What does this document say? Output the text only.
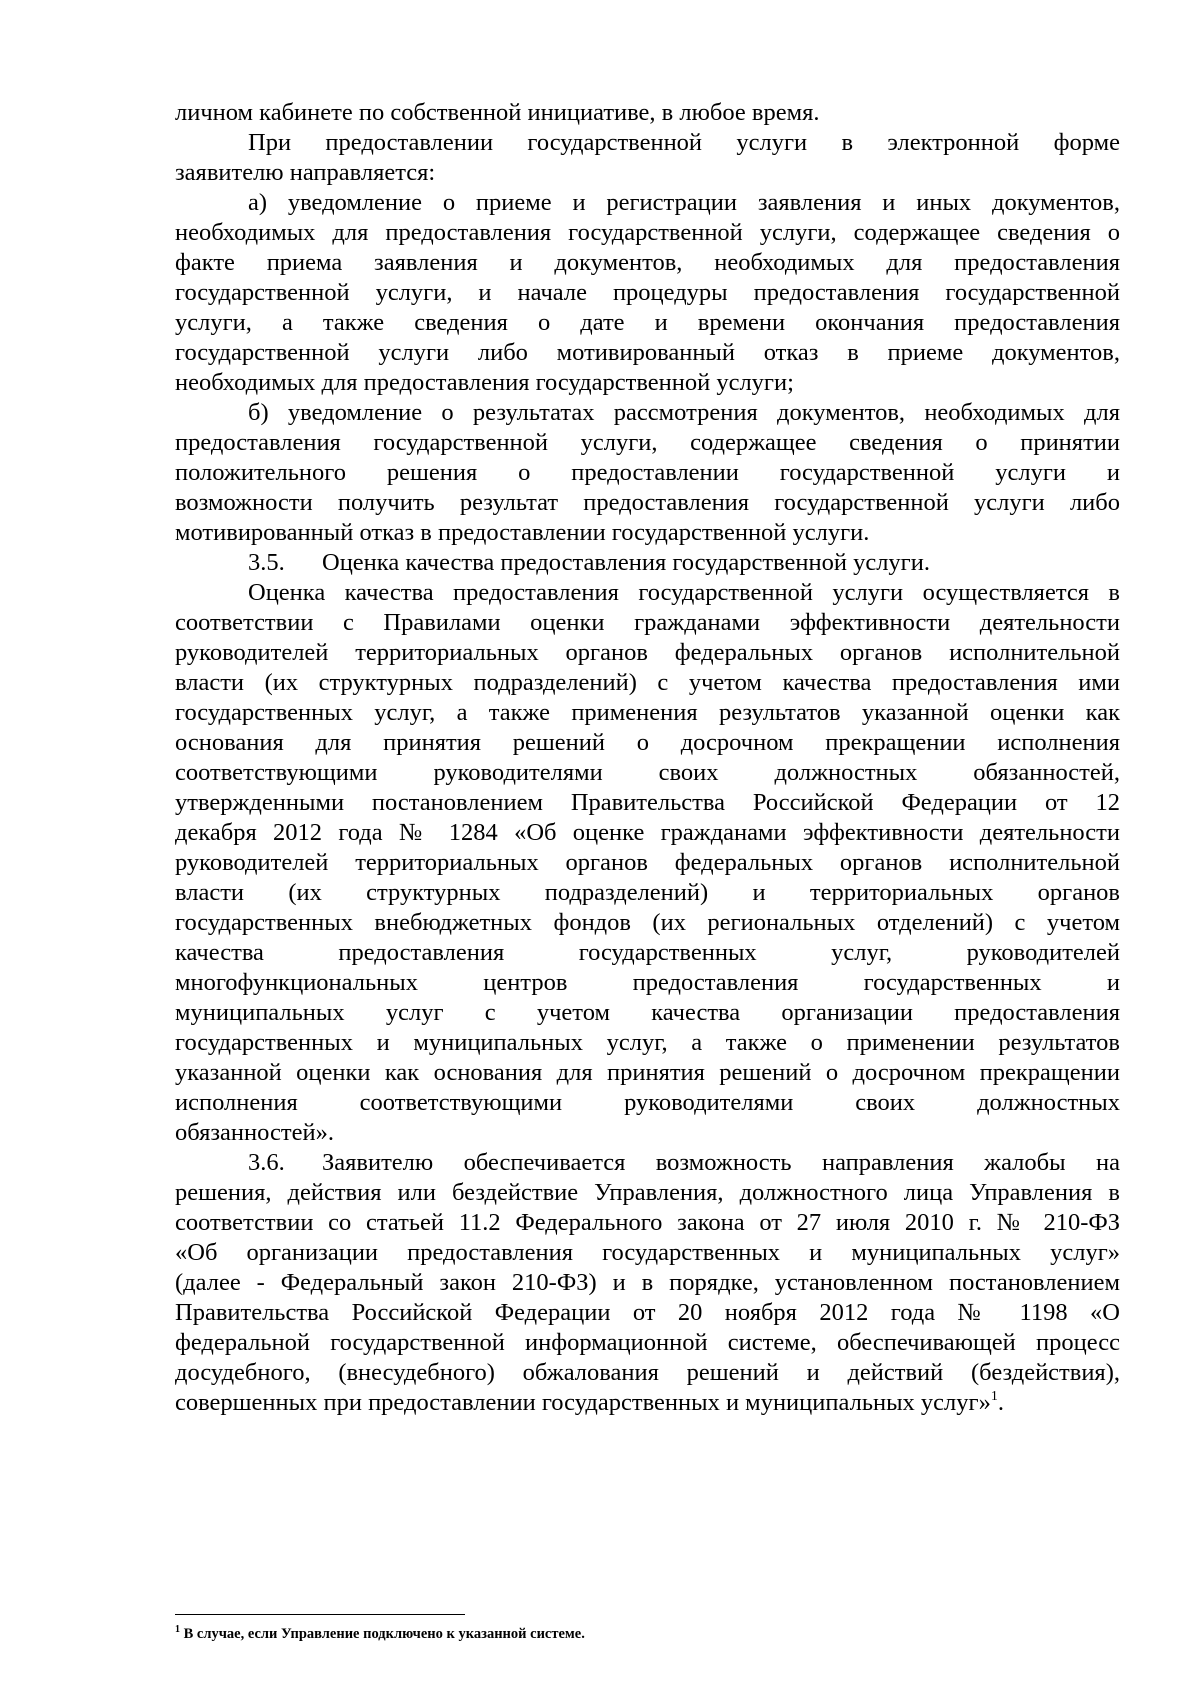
личном кабинете по собственной инициативе, в любое время.
При предоставлении государственной услуги в электронной форме
заявителю направляется:
а) уведомление о приеме и регистрации заявления и иных документов,
необходимых для предоставления государственной услуги, содержащее сведения о
факте приема заявления и документов, необходимых для предоставления
государственной услуги, и начале процедуры предоставления государственной
услуги, а также сведения о дате и времени окончания предоставления
государственной услуги либо мотивированный отказ в приеме документов,
необходимых для предоставления государственной услуги;
б) уведомление о результатах рассмотрения документов, необходимых для
предоставления государственной услуги, содержащее сведения о принятии
положительного решения о предоставлении государственной услуги и
возможности получить результат предоставления государственной услуги либо
мотивированный отказ в предоставлении государственной услуги.
3.5. Оценка качества предоставления государственной услуги.
Оценка качества предоставления государственной услуги осуществляется в
соответствии с Правилами оценки гражданами эффективности деятельности
руководителей территориальных органов федеральных органов исполнительной
власти (их структурных подразделений) с учетом качества предоставления ими
государственных услуг, а также применения результатов указанной оценки как
основания для принятия решений о досрочном прекращении исполнения
соответствующими руководителями своих должностных обязанностей,
утвержденными постановлением Правительства Российской Федерации от 12
декабря 2012 года № 1284 «Об оценке гражданами эффективности деятельности
руководителей территориальных органов федеральных органов исполнительной
власти (их структурных подразделений) и территориальных органов
государственных внебюджетных фондов (их региональных отделений) с учетом
качества предоставления государственных услуг, руководителей
многофункциональных центров предоставления государственных и
муниципальных услуг с учетом качества организации предоставления
государственных и муниципальных услуг, а также о применении результатов
указанной оценки как основания для принятия решений о досрочном прекращении
исполнения соответствующими руководителями своих должностных
обязанностей».
3.6. Заявителю обеспечивается возможность направления жалобы на
решения, действия или бездействие Управления, должностного лица Управления в
соответствии со статьей 11.2 Федерального закона от 27 июля 2010 г. № 210-ФЗ
«Об организации предоставления государственных и муниципальных услуг»
(далее - Федеральный закон 210-ФЗ) и в порядке, установленном постановлением
Правительства Российской Федерации от 20 ноября 2012 года № 1198 «О
федеральной государственной информационной системе, обеспечивающей процесс
досудебного, (внесудебного) обжалования решений и действий (бездействия),
совершенных при предоставлении государственных и муниципальных услуг»$^1$.
$^1$ В случае, если Управление подключено к указанной системе.
